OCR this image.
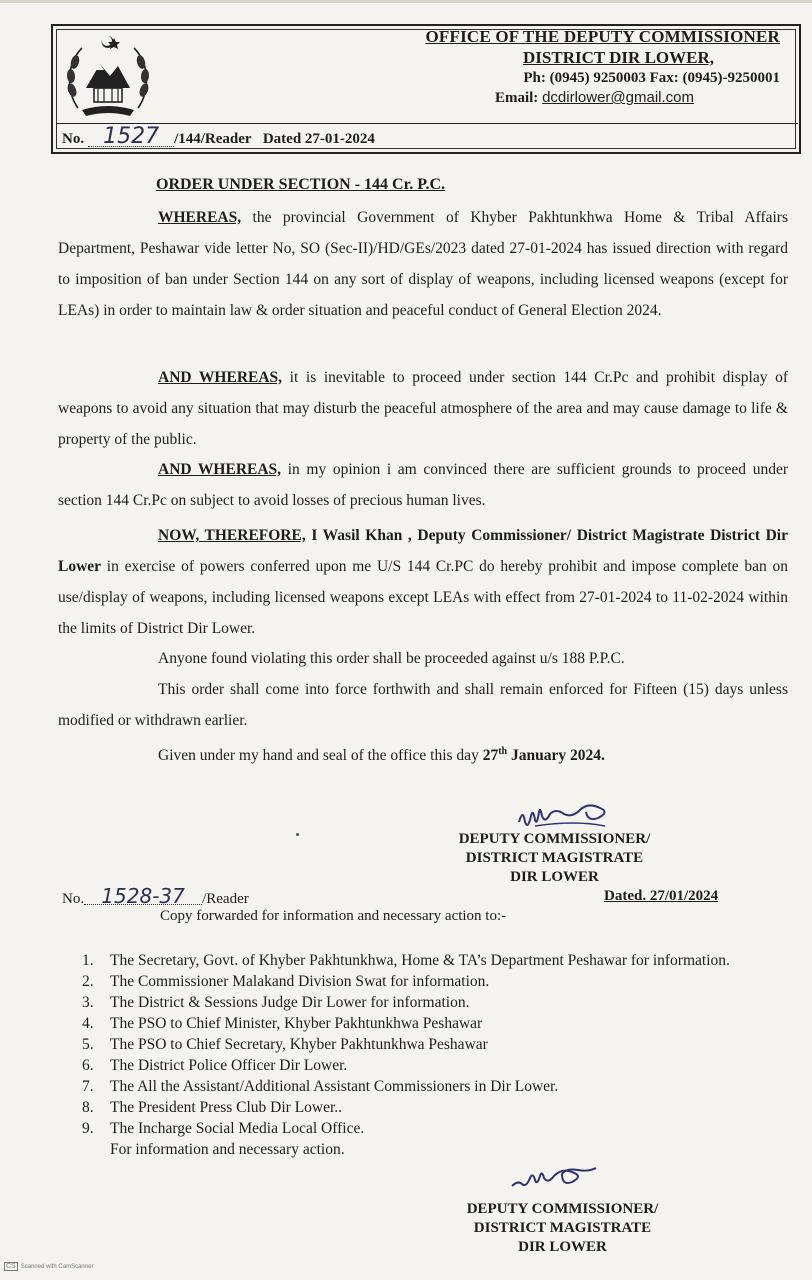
OFFICE OF THE DEPUTY COMMISSIONER
DISTRICT DIR LOWER,
Ph: (0945) 9250003 Fax: (0945)-9250001
Email: dcdirlower@gmail.com
No. 1527 /144/Reader Dated 27-01-2024
ORDER UNDER SECTION - 144 Cr. P.C.
WHEREAS, the provincial Government of Khyber Pakhtunkhwa Home & Tribal Affairs Department, Peshawar vide letter No, SO (Sec-II)/HD/GEs/2023 dated 27-01-2024 has issued direction with regard to imposition of ban under Section 144 on any sort of display of weapons, including licensed weapons (except for LEAs) in order to maintain law & order situation and peaceful conduct of General Election 2024.
AND WHEREAS, it is inevitable to proceed under section 144 Cr.Pc and prohibit display of weapons to avoid any situation that may disturb the peaceful atmosphere of the area and may cause damage to life & property of the public.
AND WHEREAS, in my opinion i am convinced there are sufficient grounds to proceed under section 144 Cr.Pc on subject to avoid losses of precious human lives.
NOW, THEREFORE, I Wasil Khan , Deputy Commissioner/ District Magistrate District Dir Lower in exercise of powers conferred upon me U/S 144 Cr.PC do hereby prohibit and impose complete ban on use/display of weapons, including licensed weapons except LEAs with effect from 27-01-2024 to 11-02-2024 within the limits of District Dir Lower.
Anyone found violating this order shall be proceeded against u/s 188 P.P.C.
This order shall come into force forthwith and shall remain enforced for Fifteen (15) days unless modified or withdrawn earlier.
Given under my hand and seal of the office this day 27th January 2024.
DEPUTY COMMISSIONER/
DISTRICT MAGISTRATE
DIR LOWER
No. 1528-37 /Reader	Dated. 27/01/2024
Copy forwarded for information and necessary action to:-
1. The Secretary, Govt. of Khyber Pakhtunkhwa, Home & TA’s Department Peshawar for information.
2. The Commissioner Malakand Division Swat for information.
3. The District & Sessions Judge Dir Lower for information.
4. The PSO to Chief Minister, Khyber Pakhtunkhwa Peshawar
5. The PSO to Chief Secretary, Khyber Pakhtunkhwa Peshawar
6. The District Police Officer Dir Lower.
7. The All the Assistant/Additional Assistant Commissioners in Dir Lower.
8. The President Press Club Dir Lower..
9. The Incharge Social Media Local Office.
For information and necessary action.
DEPUTY COMMISSIONER/
DISTRICT MAGISTRATE
DIR LOWER
CS Scanned with CamScanner
